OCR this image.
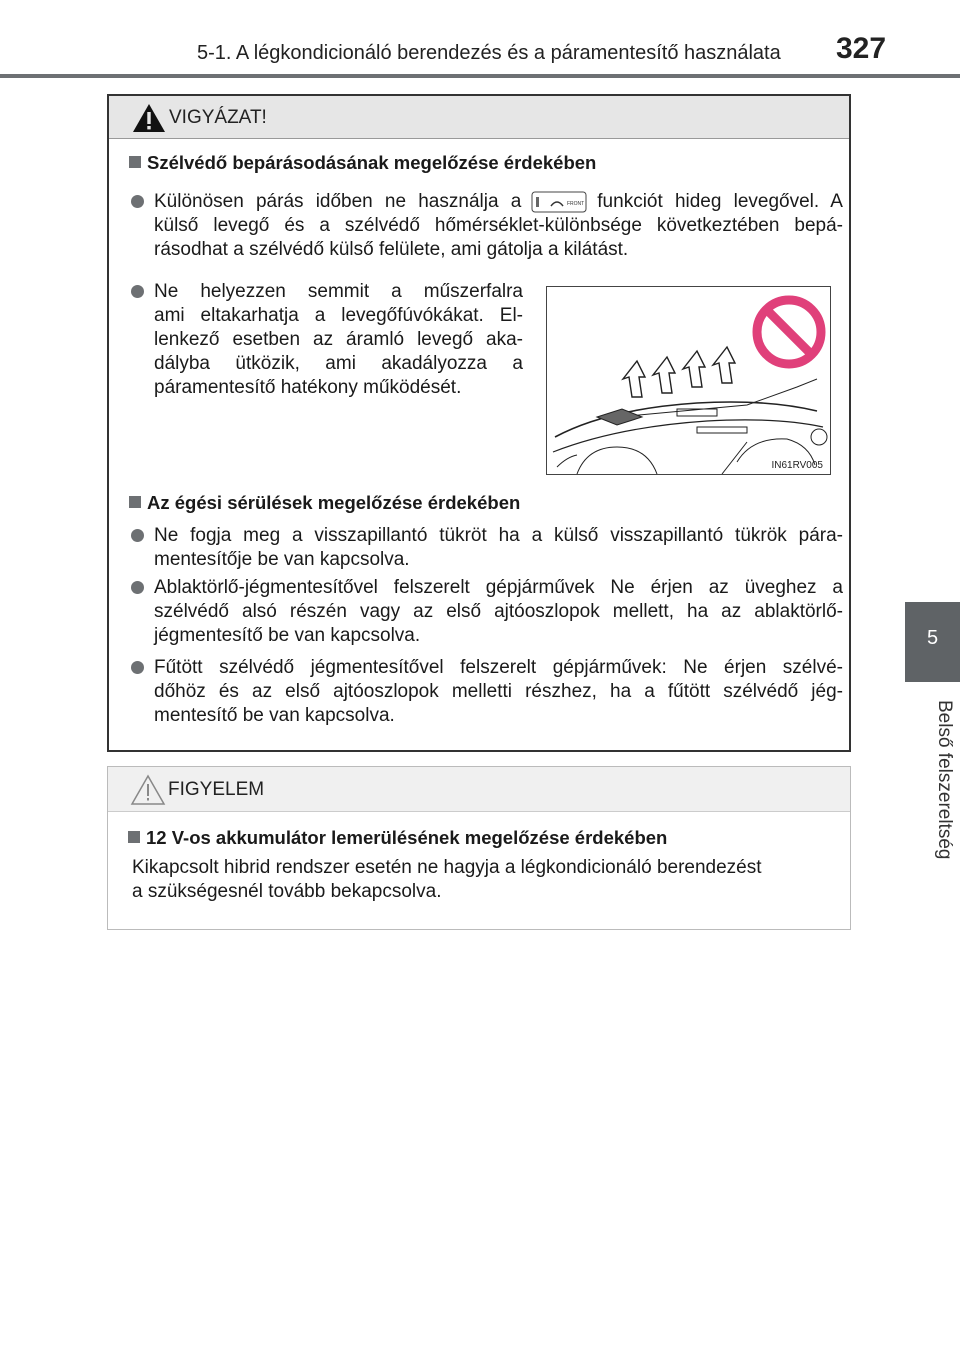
5-1. A légkondicionáló berendezés és a páramentesítő használata 327
5
Belső felszereltség
VIGYÁZAT!
Szélvédő bepárásodásának megelőzése érdekében
Különösen párás időben ne használja a	FRONT funkciót hideg levegővel. A
külső levegő és a szélvédő hőmérséklet-különbsége következtében bepá-
rásodhat a szélvédő külső felülete, ami gátolja a kilátást.
Ne helyezzen semmit a műszerfalra
ami eltakarhatja a levegőfúvókákat. El-
lenkező esetben az áramló levegő aka-
dályba ütközik, ami akadályozza a
páramentesítő hatékony működését.
IN61RV005
Az égési sérülések megelőzése érdekében
Ne fogja meg a visszapillantó tükröt ha a külső visszapillantó tükrök pára-
mentesítője be van kapcsolva.
Ablaktörlő-jégmentesítővel felszerelt gépjárművek Ne érjen az üveghez a
szélvédő alsó részén vagy az első ajtóoszlopok mellett, ha az ablaktörlő-
jégmentesítő be van kapcsolva.
Fűtött szélvédő jégmentesítővel felszerelt gépjárművek: Ne érjen szélvé-
dőhöz és az első ajtóoszlopok melletti részhez, ha a fűtött szélvédő jég-
mentesítő be van kapcsolva.
FIGYELEM
12 V-os akkumulátor lemerülésének megelőzése érdekében
Kikapcsolt hibrid rendszer esetén ne hagyja a légkondicionáló berendezést
a szükségesnél tovább bekapcsolva.
